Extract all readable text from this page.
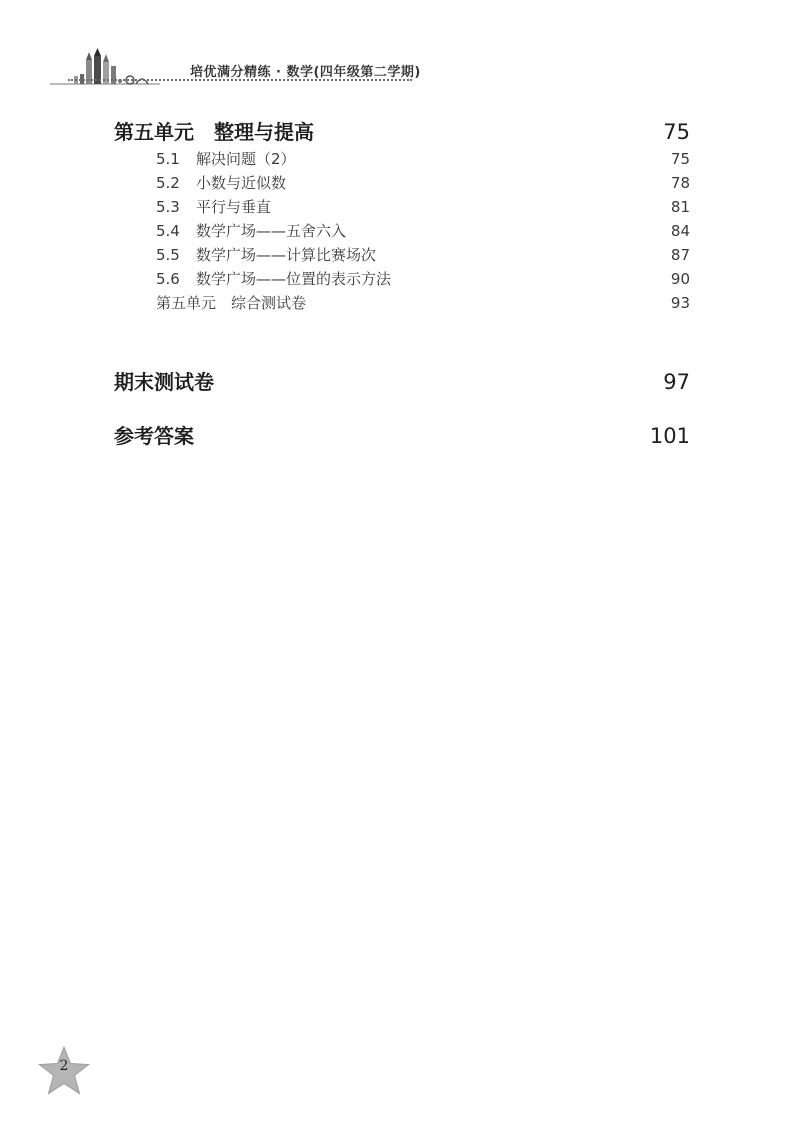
培优满分精练 · 数学(四年级第二学期)
第五单元　整理与提高	75
5.1 解决问题（2）	75
5.2 小数与近似数	78
5.3 平行与垂直	81
5.4 数学广场——五舍六入	84
5.5 数学广场——计算比赛场次	87
5.6 数学广场——位置的表示方法	90
第五单元　综合测试卷	93
期末测试卷	97
参考答案	101
2
